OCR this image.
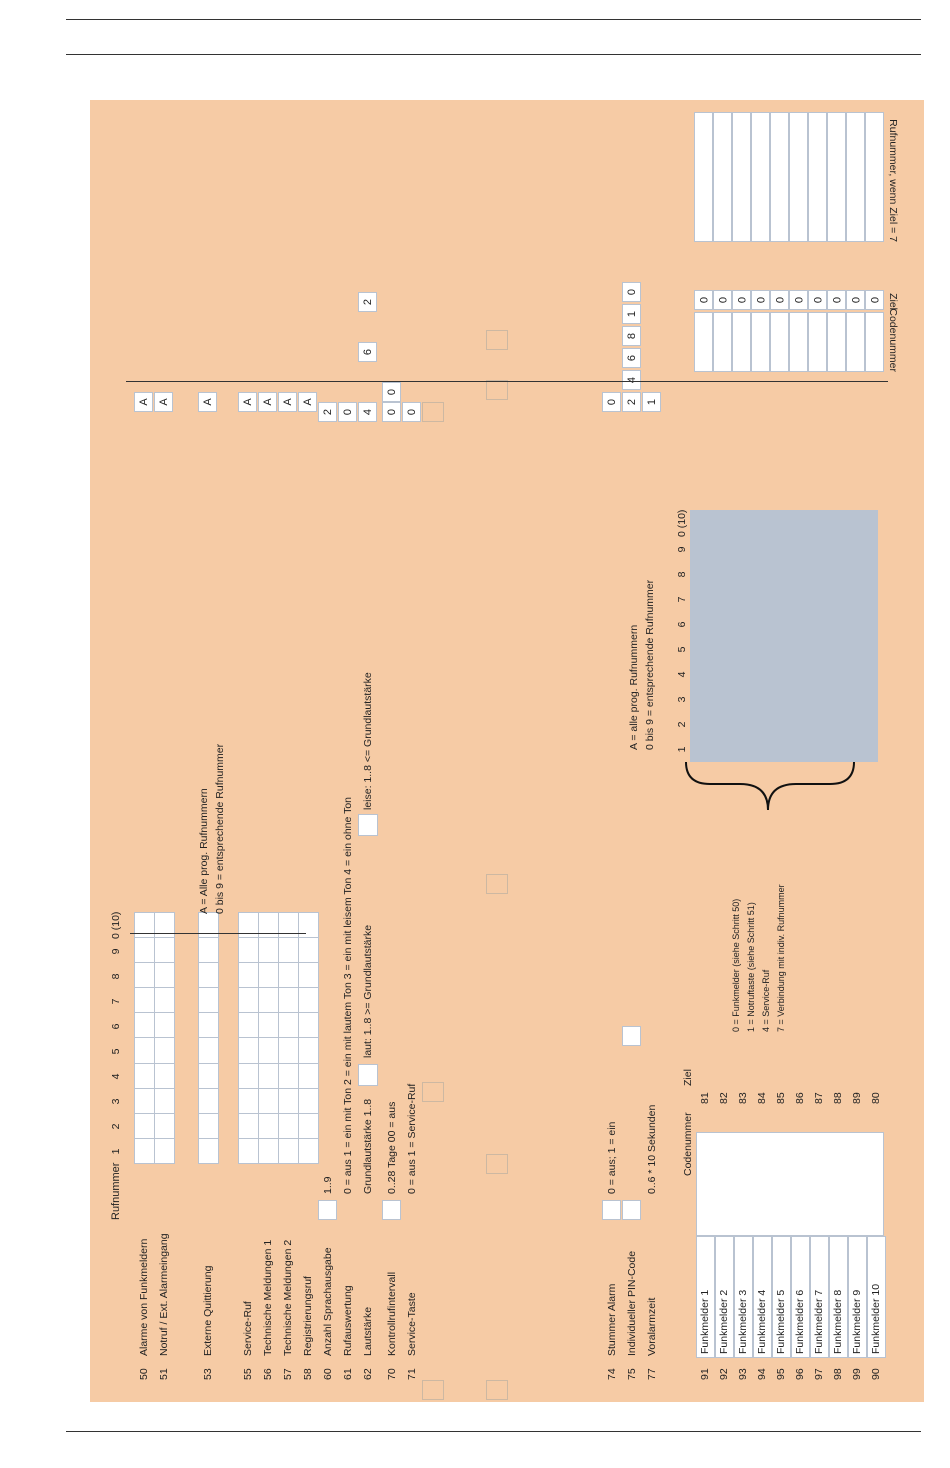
Rufnummer
1
2
3
4
5
6
7
8
9
0 (10)
50
Alarme von Funkmeldern
A
51
Notruf / Ext. Alarmeingang
A
53
Externe Quittierung
A
55
Service-Ruf
A
56
Technische Meldungen 1
A
57
Technische Meldungen 2
A
58
Registrierungsruf
A
A = Alle prog. Rufnummern 0 bis 9 = entsprechende Rufnummer
60
Anzahl Sprachausgabe
1..9
2
61
Rufauswertung
0 = aus 1 = ein mit Ton 2 = ein mit lautem Ton 3 = ein mit leisem Ton 4 = ein ohne Ton
0
62
Lautstärke
Grundlautstärke 1..8
laut: 1..8 >= Grundlautstärke
leise: 1..8 <= Grundlautstärke
4
6
2
70
Kontrollrufintervall
0..28 Tage 00 = aus
0
0
71
Service-Taste
0 = aus 1 = Service-Ruf
0
74
Stummer Alarm
0 = aus; 1 = ein
0
75
Individueller PIN-Code
2
4
6
8
1
0
77
Voralarmzeit
0..6 * 10 Sekunden
1
A = alle prog. Rufnummern 0 bis 9 = entsprechende Rufnummer 1
2
3
4
5
6
7
8
9
0 (10)
Codenummer
Ziel
91
Funkmelder 1
81
92
Funkmelder 2
82
93
Funkmelder 3
83
94
Funkmelder 4
84
95
Funkmelder 5
85
96
Funkmelder 6
86
97
Funkmelder 7
87
98
Funkmelder 8
88
99
Funkmelder 9
89
90
Funkmelder 10
80
0 = Funkmelder (siehe Schritt 50) 1 = Notruftaste (siehe Schritt 51) 4 = Service-Ruf 7 = Verbindung mit indiv. Rufnummer
0 0 0 0 0 0 0 0 0 0
Codenummer
Ziel
Rufnummer, wenn Ziel = 7
